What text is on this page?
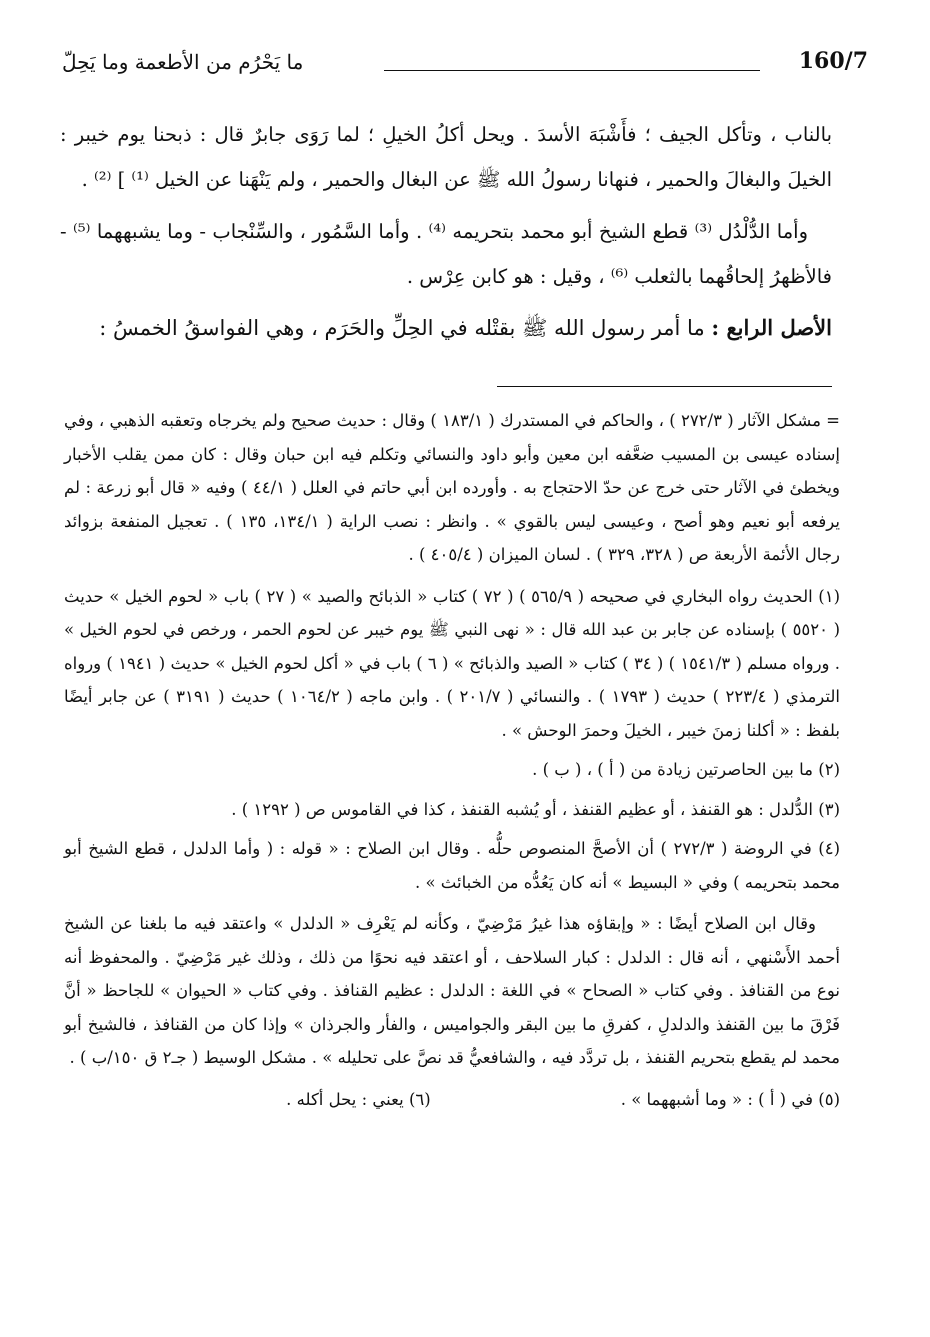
ما يَحْرُم من الأطعمة وما يَحِلّ	160/7

بالناب ، وتأكل الجيف ؛ فأَشْبَهَ الأسدَ . ويحل أكلُ الخيلِ ؛ لما رَوَى جابرٌ قال : ذبحنا يوم خيبر : الخيلَ والبغالَ والحمير ، فنهانا رسولُ الله ﷺ عن البغال والحمير ، ولم يَنْهَنا عن الخيل ⁽¹⁾ ] ⁽²⁾ .

وأما الدُّلْدُل ⁽³⁾ قطع الشيخ أبو محمد بتحريمه ⁽⁴⁾ . وأما السَّمُور ، والسِّنْجاب - وما يشبههما ⁽⁵⁾ - فالأظهرُ إلحاقُهما بالثعلب ⁽⁶⁾ ، وقيل : هو كابن عِرْس .

الأصل الرابع : ما أمر رسول الله ﷺ بقتْله في الحِلِّ والحَرَم ، وهي الفواسقُ الخمسُ :

= مشكل الآثار ( ٢٧٢/٣ ) ، والحاكم في المستدرك ( ١٨٣/١ ) وقال : حديث صحيح ولم يخرجاه وتعقبه الذهبي ، وفي إسناده عيسى بن المسيب ضعَّفه ابن معين وأبو داود والنسائي وتكلم فيه ابن حبان وقال : كان ممن يقلب الأخبار ويخطئ في الآثار حتى خرج عن حدّ الاحتجاج به . وأورده ابن أبي حاتم في العلل ( ٤٤/١ ) وفيه « قال أبو زرعة : لم يرفعه أبو نعيم وهو أصح ، وعيسى ليس بالقوي » . وانظر : نصب الراية ( ١٣٤/١، ١٣٥ ) . تعجيل المنفعة بزوائد رجال الأئمة الأربعة ص ( ٣٢٨، ٣٢٩ ) . لسان الميزان ( ٤٠٥/٤ ) .

(١) الحديث رواه البخاري في صحيحه ( ٥٦٥/٩ ) ( ٧٢ ) كتاب « الذبائح والصيد » ( ٢٧ ) باب « لحوم الخيل » حديث ( ٥٥٢٠ ) بإسناده عن جابر بن عبد الله قال : « نهى النبي ﷺ يوم خيبر عن لحوم الحمر ، ورخص في لحوم الخيل » . ورواه مسلم ( ١٥٤١/٣ ) ( ٣٤ ) كتاب « الصيد والذبائح » ( ٦ ) باب في « أكل لحوم الخيل » حديث ( ١٩٤١ ) ورواه الترمذي ( ٢٢٣/٤ ) حديث ( ١٧٩٣ ) . والنسائي ( ٢٠١/٧ ) . وابن ماجه ( ١٠٦٤/٢ ) حديث ( ٣١٩١ ) عن جابر أيضًا بلفظ : « أكلنا زمنَ خيبر ، الخيلَ وحمرَ الوحش » .

(٢) ما بين الحاصرتين زيادة من ( أ ) ، ( ب ) .

(٣) الدُّلدل : هو القنفذ ، أو عظيم القنفذ ، أو يُشبه القنفذ ، كذا في القاموس ص ( ١٢٩٢ ) .

(٤) في الروضة ( ٢٧٢/٣ ) أن الأصحَّ المنصوص حلُّه . وقال ابن الصلاح : « قوله : ( وأما الدلدل ، قطع الشيخ أبو محمد بتحريمه ) وفي « البسيط » أنه كان يَعُدُّه من الخبائث » .

وقال ابن الصلاح أيضًا : « وإبقاؤه هذا غيرُ مَرْضِيّ ، وكأنه لم يَعْرِف « الدلدل » واعتقد فيه ما بلغنا عن الشيخ أحمد الأَسْنهي ، أنه قال : الدلدل : كبار السلاحف ، أو اعتقد فيه نحوًا من ذلك ، وذلك غير مَرْضِيّ . والمحفوظ أنه نوع من القنافذ . وفي كتاب « الصحاح » في اللغة : الدلدل : عظيم القنافذ . وفي كتاب « الحيوان » للجاحظ « أنَّ فَرْقَ ما بين القنفذ والدلدلِ ، كفرقِ ما بين البقر والجواميس ، والفأر والجرذان » وإذا كان من القنافذ ، فالشيخ أبو محمد لم يقطع بتحريم القنفذ ، بل تردَّد فيه ، والشافعيُّ قد نصَّ على تحليله » . مشكل الوسيط ( جـ٢ ق ١٥٠/ب ) .

(٥) في ( أ ) : « وما أشبههما » .
(٦) يعني : يحل أكله .
